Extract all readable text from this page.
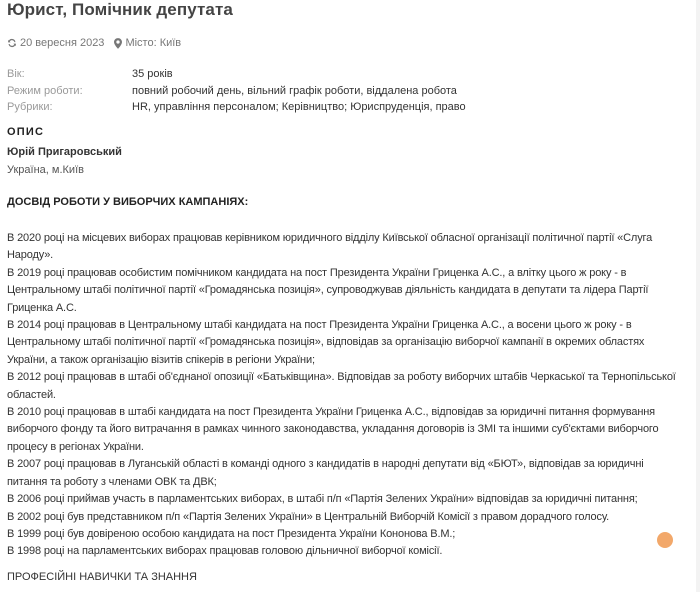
Юрист, Помічник депутата
20 вересня 2023 Місто: Київ
Вік:	35 років
Режим роботи:	повний робочий день, вільний графік роботи, віддалена робота
Рубрики:	HR, управління персоналом; Керівництво; Юриспруденція, право
ОПИС
Юрій Пригаровський
Україна, м.Київ
ДОСВІД РОБОТИ У ВИБОРЧИХ КАМПАНІЯХ:

В 2020 році на місцевих виборах працював керівником юридичного відділу Київської обласної організації політичної партії «Слуга Народу».

В 2019 році працював особистим помічником кандидата на пост Президента України Гриценка А.С., а влітку цього ж року - в Центральному штабі політичної партії «Громадянська позиція», супроводжував діяльність кандидата в депутати та лідера Партії Гриценка А.С.

В 2014 році працював в Центральному штабі кандидата на пост Президента України Гриценка А.С., а восени цього ж року - в Центральному штабі політичної партії «Громадянська позиція», відповідав за організацію виборчої кампанії в окремих областях України, а також організацію візитів спікерів в регіони України;

В 2012 році працював в штабі об'єднаної опозиції «Батьківщина». Відповідав за роботу виборчих штабів Черкаської та Тернопільської областей.

В 2010 році працював в штабі кандидата на пост Президента України Гриценка А.С., відповідав за юридичні питання формування виборчого фонду та його витрачання в рамках чинного законодавства, укладання договорів із ЗМІ та іншими суб'єктами виборчого процесу в регіонах України.

В 2007 році працював в Луганській області в команді одного з кандидатів в народні депутати від «БЮТ», відповідав за юридичні питання та роботу з членами ОВК та ДВК;

В 2006 році приймав участь в парламентських виборах, в штабі п/п «Партія Зелених України» відповідав за юридичні питання;

В 2002 році був представником п/п «Партія Зелених України» в Центральній Виборчій Комісії з правом дорадчого голосу.

В 1999 році був довіреною особою кандидата на пост Президента України Кононова В.М.;

В 1998 році на парламентських виборах працював головою дільничної виборчої комісії.

ПРОФЕСІЙНІ НАВИЧКИ ТА ЗНАННЯ
